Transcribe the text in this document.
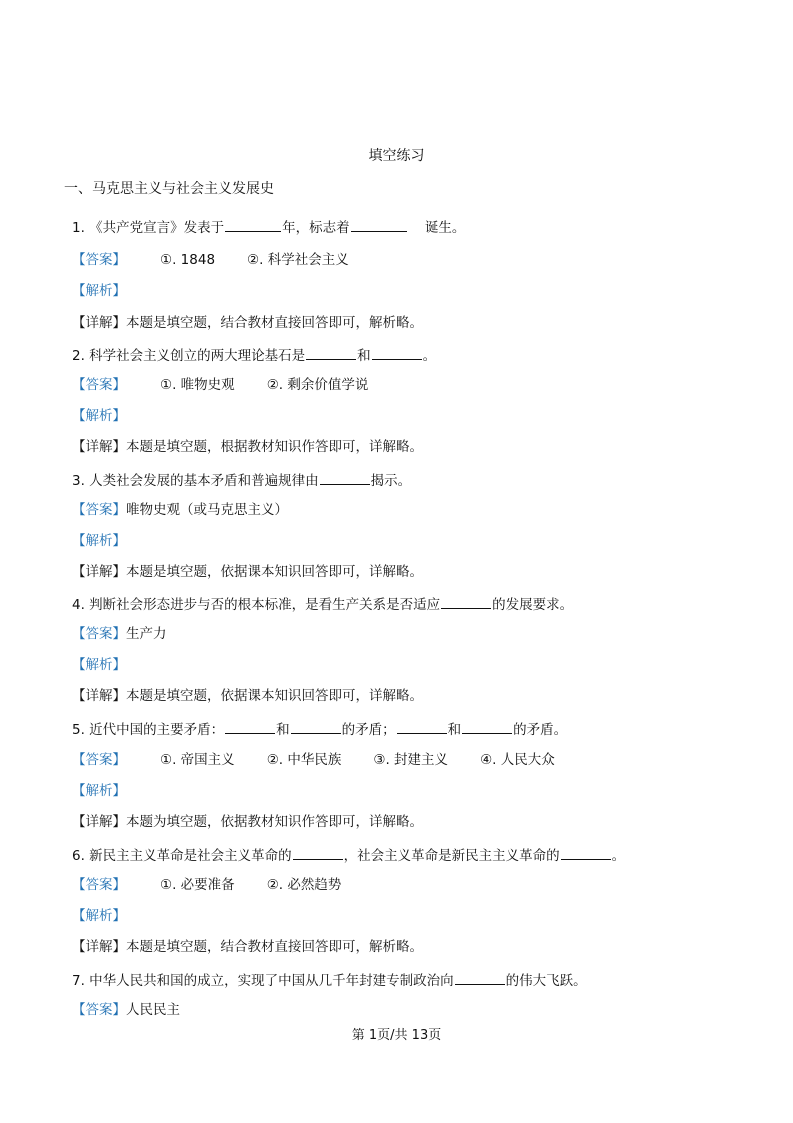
填空练习
一、马克思主义与社会主义发展史
1. 《共产党宣言》发表于	年，标志着	诞生。
【答案】	①. 1848 ②. 科学社会主义
【解析】
【详解】本题是填空题，结合教材直接回答即可，解析略。
2. 科学社会主义创立的两大理论基石是	和	。
【答案】	①. 唯物史观 ②. 剩余价值学说
【解析】
【详解】本题是填空题，根据教材知识作答即可，详解略。
3. 人类社会发展的基本矛盾和普遍规律由	揭示。
【答案】唯物史观（或马克思主义）
【解析】
【详解】本题是填空题，依据课本知识回答即可，详解略。
4. 判断社会形态进步与否的根本标准，是看生产关系是否适应	的发展要求。
【答案】生产力
【解析】
【详解】本题是填空题，依据课本知识回答即可，详解略。
5. 近代中国的主要矛盾：	和	的矛盾；	和	的矛盾。
【答案】	①. 帝国主义 ②. 中华民族 ③. 封建主义 ④. 人民大众
【解析】
【详解】本题为填空题，依据教材知识作答即可，详解略。
6. 新民主主义革命是社会主义革命的	，社会主义革命是新民主主义革命的	。
【答案】	①. 必要准备 ②. 必然趋势
【解析】
【详解】本题是填空题，结合教材直接回答即可，解析略。
7. 中华人民共和国的成立，实现了中国从几千年封建专制政治向	的伟大飞跃。
【答案】人民民主
第 1页/共 13页
